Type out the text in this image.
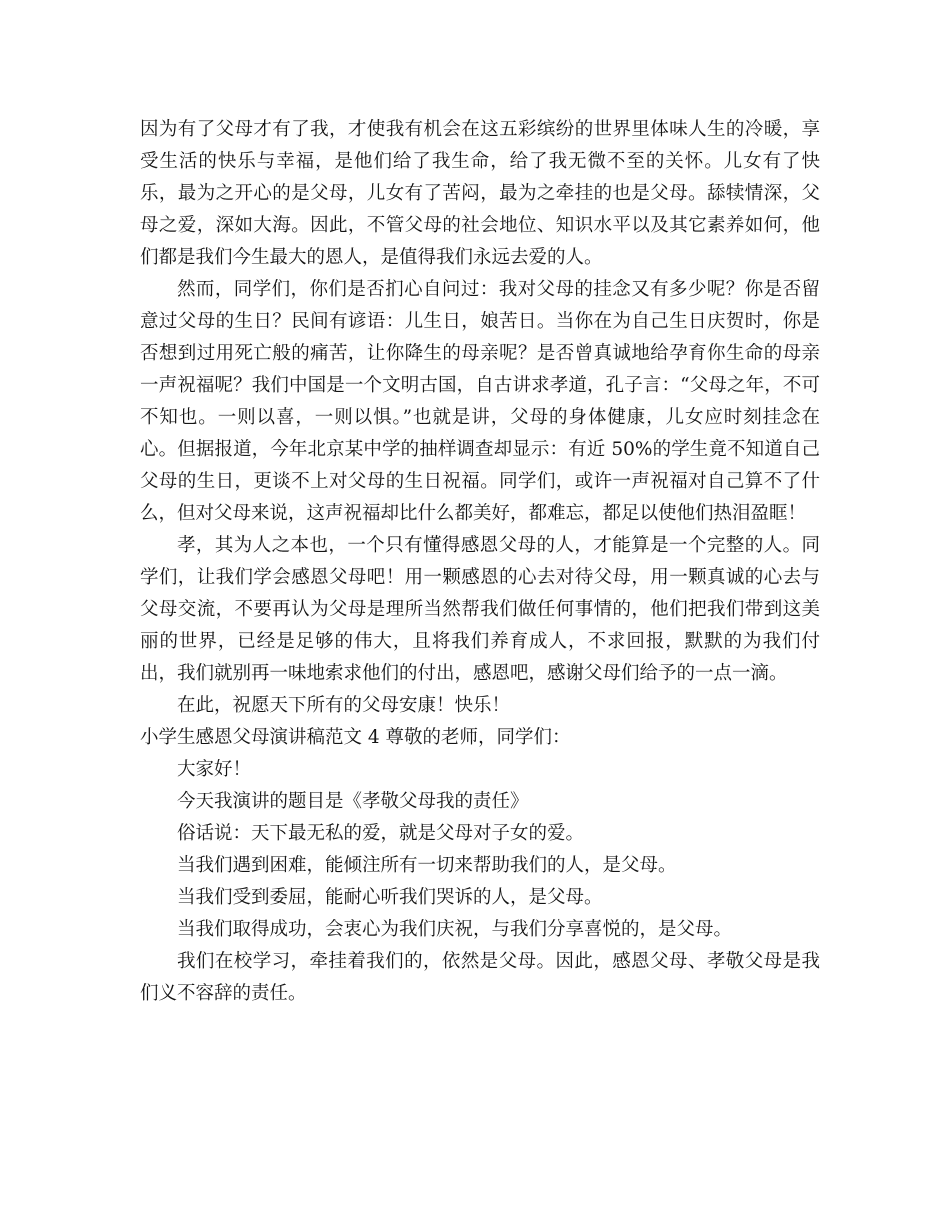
因为有了父母才有了我，才使我有机会在这五彩缤纷的世界里体味人生的冷暖，享受生活的快乐与幸福，是他们给了我生命，给了我无微不至的关怀。儿女有了快乐，最为之开心的是父母，儿女有了苦闷，最为之牵挂的也是父母。舔犊情深，父母之爱，深如大海。因此，不管父母的社会地位、知识水平以及其它素养如何，他们都是我们今生最大的恩人，是值得我们永远去爱的人。

然而，同学们，你们是否扪心自问过：我对父母的挂念又有多少呢？你是否留意过父母的生日？民间有谚语：儿生日，娘苦日。当你在为自己生日庆贺时，你是否想到过用死亡般的痛苦，让你降生的母亲呢？是否曾真诚地给孕育你生命的母亲一声祝福呢？我们中国是一个文明古国，自古讲求孝道，孔子言：“父母之年，不可不知也。一则以喜，一则以惧。”也就是讲，父母的身体健康，儿女应时刻挂念在心。但据报道，今年北京某中学的抽样调查却显示：有近 50%的学生竟不知道自己父母的生日，更谈不上对父母的生日祝福。同学们，或许一声祝福对自己算不了什么，但对父母来说，这声祝福却比什么都美好，都难忘，都足以使他们热泪盈眶！

孝，其为人之本也，一个只有懂得感恩父母的人，才能算是一个完整的人。同学们，让我们学会感恩父母吧！用一颗感恩的心去对待父母，用一颗真诚的心去与父母交流，不要再认为父母是理所当然帮我们做任何事情的，他们把我们带到这美丽的世界，已经是足够的伟大，且将我们养育成人，不求回报，默默的为我们付出，我们就别再一味地索求他们的付出，感恩吧，感谢父母们给予的一点一滴。

在此，祝愿天下所有的父母安康！快乐！

小学生感恩父母演讲稿范文 4 尊敬的老师，同学们：

大家好！

今天我演讲的题目是《孝敬父母我的责任》

俗话说：天下最无私的爱，就是父母对子女的爱。

当我们遇到困难，能倾注所有一切来帮助我们的人，是父母。

当我们受到委屈，能耐心听我们哭诉的人，是父母。

当我们取得成功，会衷心为我们庆祝，与我们分享喜悦的，是父母。

我们在校学习，牵挂着我们的，依然是父母。因此，感恩父母、孝敬父母是我们义不容辞的责任。
